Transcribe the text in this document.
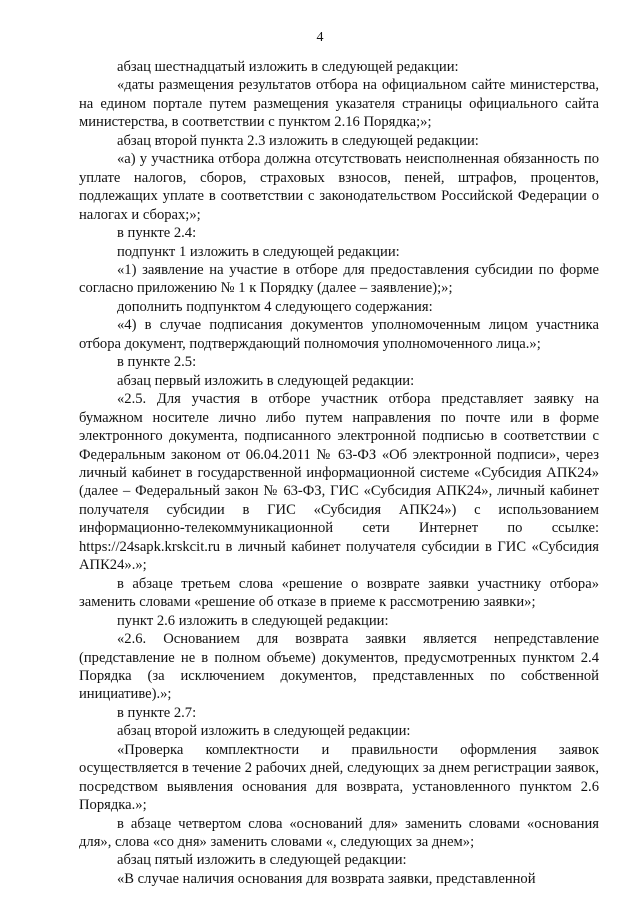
4

абзац шестнадцатый изложить в следующей редакции:

«даты размещения результатов отбора на официальном сайте министерства, на едином портале путем размещения указателя страницы официального сайта министерства, в соответствии с пунктом 2.16 Порядка;»;

абзац второй пункта 2.3 изложить в следующей редакции:

«а) у участника отбора должна отсутствовать неисполненная обязанность по уплате налогов, сборов, страховых взносов, пеней, штрафов, процентов, подлежащих уплате в соответствии с законодательством Российской Федерации о налогах и сборах;»;

в пункте 2.4:

подпункт 1 изложить в следующей редакции:

«1) заявление на участие в отборе для предоставления субсидии по форме согласно приложению № 1 к Порядку (далее – заявление);»;

дополнить подпунктом 4 следующего содержания:

«4) в случае подписания документов уполномоченным лицом участника отбора документ, подтверждающий полномочия уполномоченного лица.»;

в пункте 2.5:

абзац первый изложить в следующей редакции:

«2.5. Для участия в отборе участник отбора представляет заявку на бумажном носителе лично либо путем направления по почте или в форме электронного документа, подписанного электронной подписью в соответствии с Федеральным законом от 06.04.2011 № 63-ФЗ «Об электронной подписи», через личный кабинет в государственной информационной системе «Субсидия АПК24» (далее – Федеральный закон № 63-ФЗ, ГИС «Субсидия АПК24», личный кабинет получателя субсидии в ГИС «Субсидия АПК24») с использованием информационно-телекоммуникационной сети Интернет по ссылке: https://24sapk.krskcit.ru в личный кабинет получателя субсидии в ГИС «Субсидия АПК24».»;

в абзаце третьем слова «решение о возврате заявки участнику отбора» заменить словами «решение об отказе в приеме к рассмотрению заявки»;

пункт 2.6 изложить в следующей редакции:

«2.6. Основанием для возврата заявки является непредставление (представление не в полном объеме) документов, предусмотренных пунктом 2.4 Порядка (за исключением документов, представленных по собственной инициативе).»;

в пункте 2.7:

абзац второй изложить в следующей редакции:

«Проверка комплектности и правильности оформления заявок осуществляется в течение 2 рабочих дней, следующих за днем регистрации заявок, посредством выявления основания для возврата, установленного пунктом 2.6 Порядка.»;

в абзаце четвертом слова «оснований для» заменить словами «основания для», слова «со дня» заменить словами «, следующих за днем»;

абзац пятый изложить в следующей редакции:

«В случае наличия основания для возврата заявки, представленной
